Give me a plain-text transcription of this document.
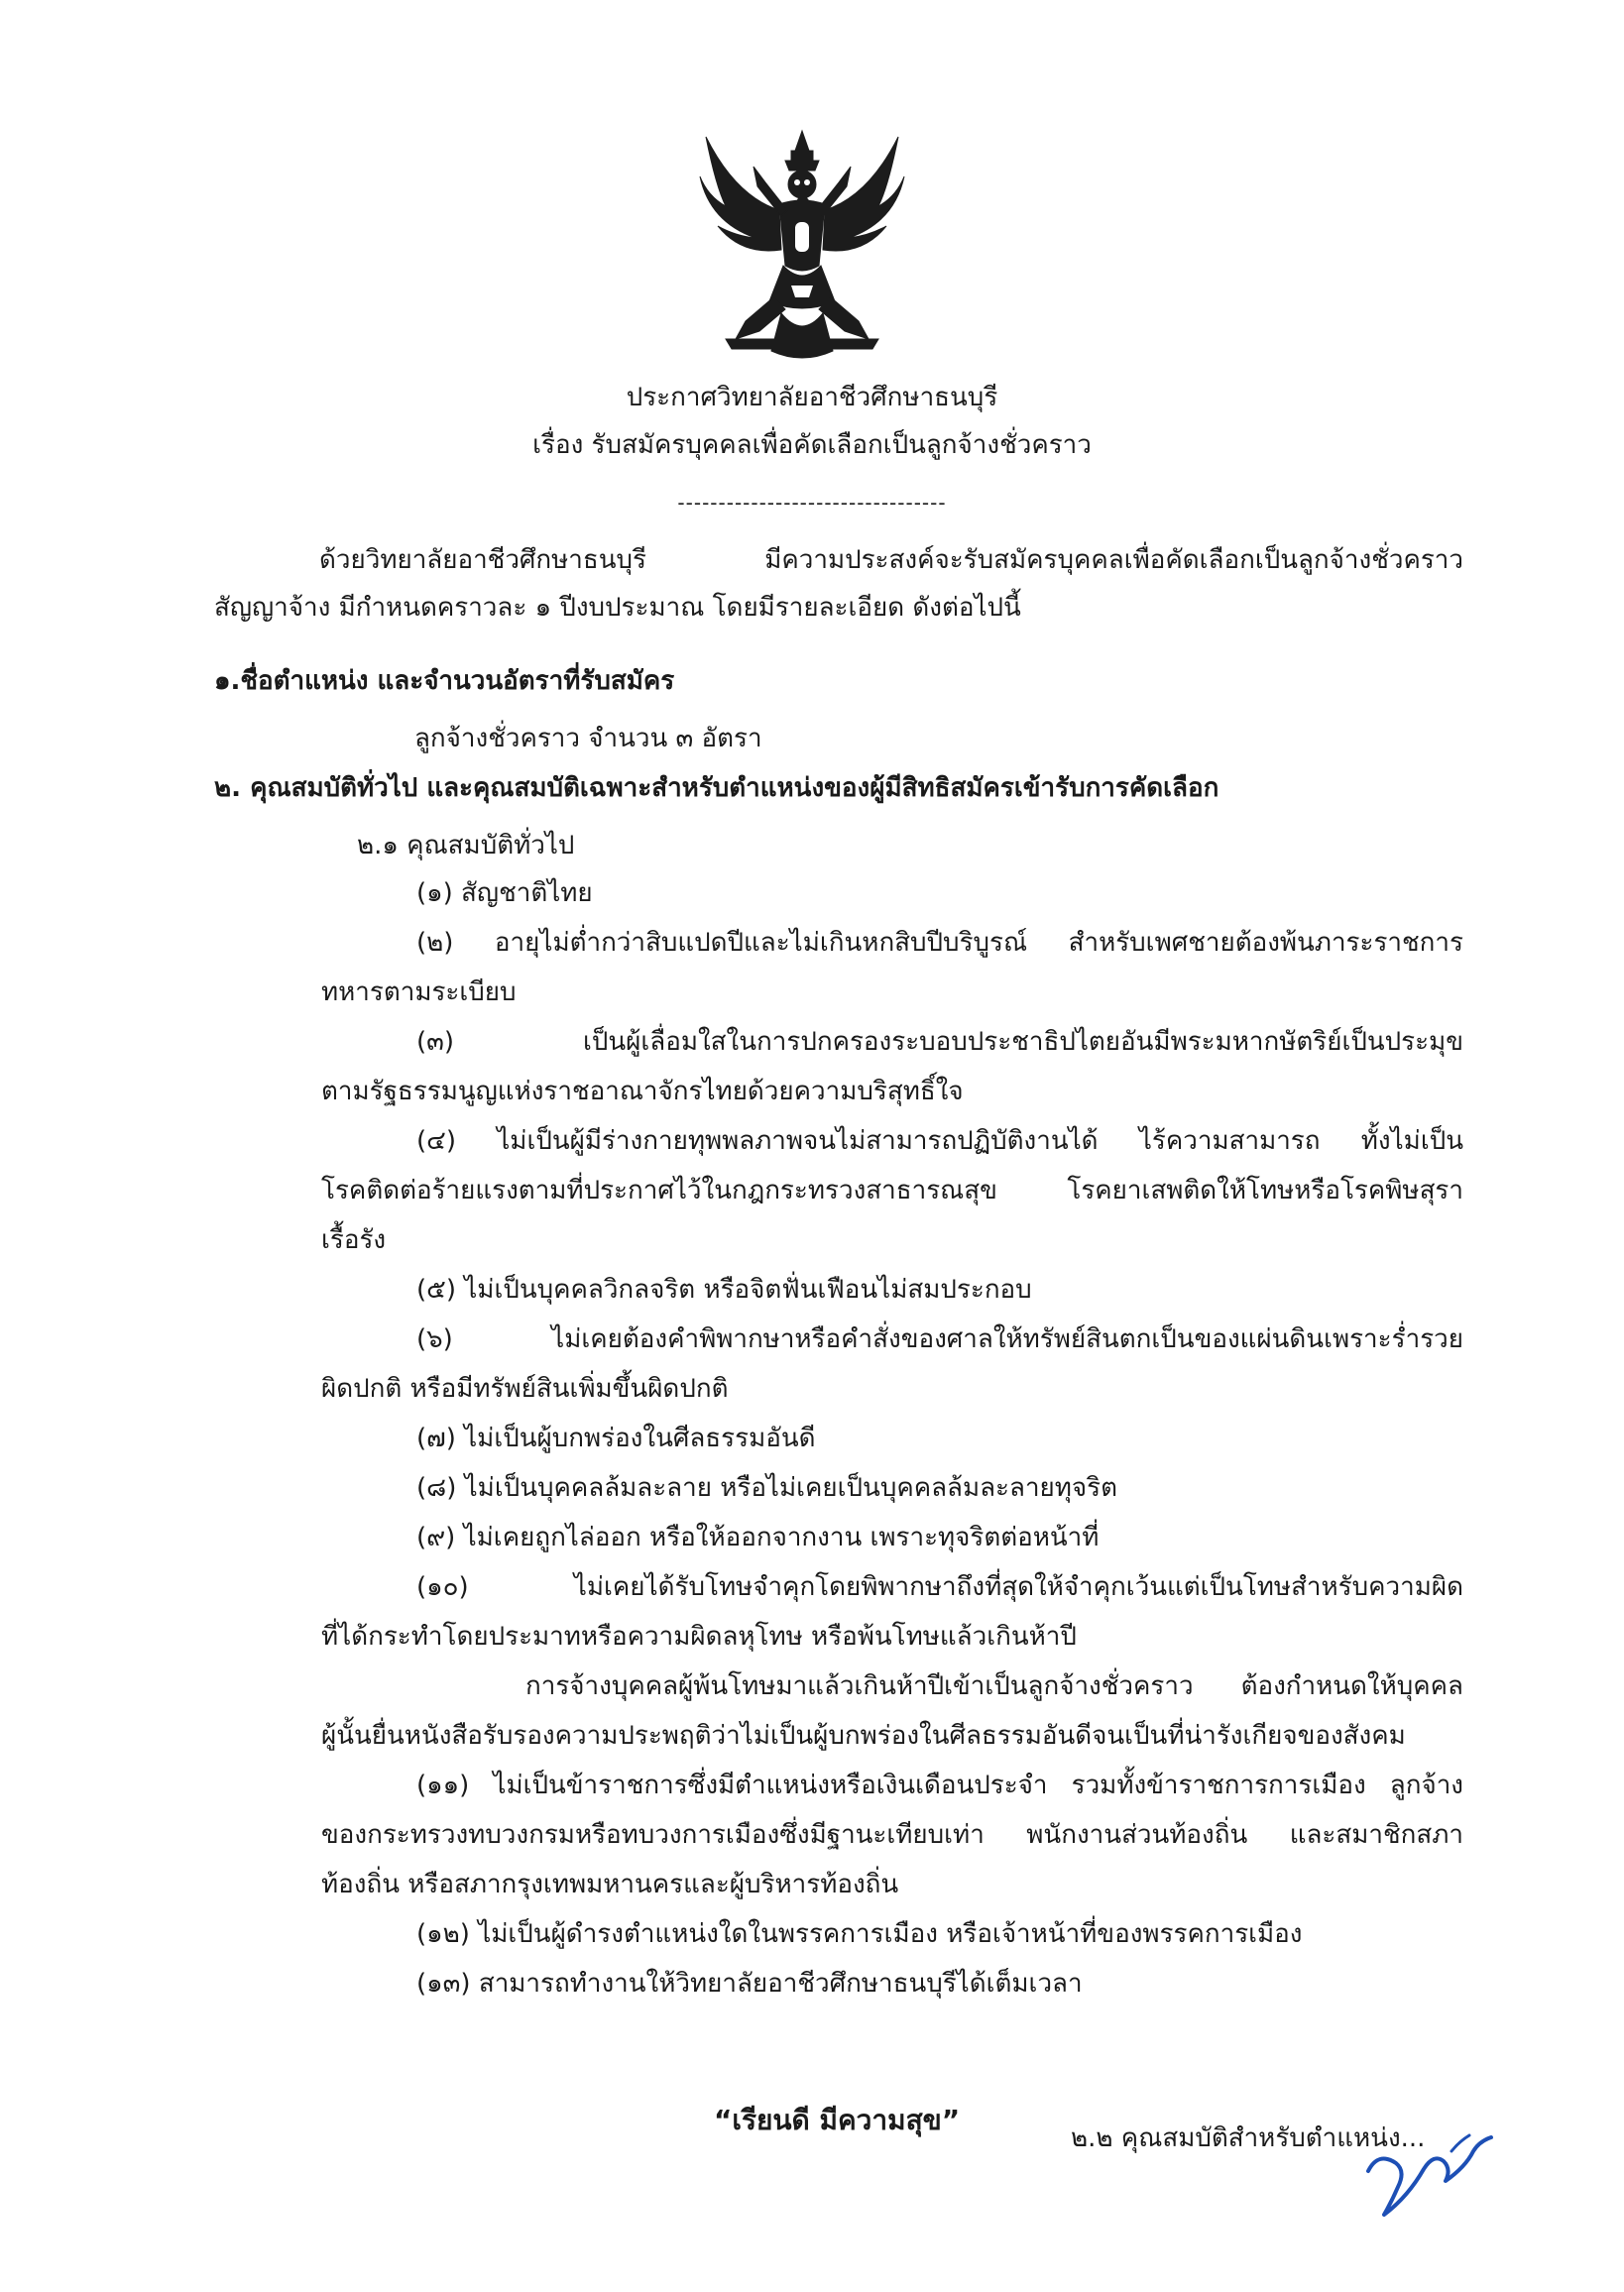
ประกาศวิทยาลัยอาชีวศึกษาธนบุรี
เรื่อง รับสมัครบุคคลเพื่อคัดเลือกเป็นลูกจ้างชั่วคราว
---------------------------------
ด้วยวิทยาลัยอาชีวศึกษาธนบุรี มีความประสงค์จะรับสมัครบุคคลเพื่อคัดเลือกเป็นลูกจ้างชั่วคราว
สัญญาจ้าง มีกำหนดคราวละ ๑ ปีงบประมาณ โดยมีรายละเอียด ดังต่อไปนี้
๑.ชื่อตำแหน่ง และจำนวนอัตราที่รับสมัคร
ลูกจ้างชั่วคราว จำนวน ๓ อัตรา
๒. คุณสมบัติทั่วไป และคุณสมบัติเฉพาะสำหรับตำแหน่งของผู้มีสิทธิสมัครเข้ารับการคัดเลือก
๒.๑ คุณสมบัติทั่วไป
(๑) สัญชาติไทย
(๒) อายุไม่ต่ำกว่าสิบแปดปีและไม่เกินหกสิบปีบริบูรณ์ สำหรับเพศชายต้องพ้นภาระราชการ
ทหารตามระเบียบ
(๓) เป็นผู้เลื่อมใสในการปกครองระบอบประชาธิปไตยอันมีพระมหากษัตริย์เป็นประมุข
ตามรัฐธรรมนูญแห่งราชอาณาจักรไทยด้วยความบริสุทธิ์ใจ
(๔) ไม่เป็นผู้มีร่างกายทุพพลภาพจนไม่สามารถปฏิบัติงานได้ ไร้ความสามารถ ทั้งไม่เป็น
โรคติดต่อร้ายแรงตามที่ประกาศไว้ในกฎกระทรวงสาธารณสุข โรคยาเสพติดให้โทษหรือโรคพิษสุรา
เรื้อรัง
(๕) ไม่เป็นบุคคลวิกลจริต หรือจิตฟั่นเฟือนไม่สมประกอบ
(๖) ไม่เคยต้องคำพิพากษาหรือคำสั่งของศาลให้ทรัพย์สินตกเป็นของแผ่นดินเพราะร่ำรวย
ผิดปกติ หรือมีทรัพย์สินเพิ่มขึ้นผิดปกติ
(๗) ไม่เป็นผู้บกพร่องในศีลธรรมอันดี
(๘) ไม่เป็นบุคคลล้มละลาย หรือไม่เคยเป็นบุคคลล้มละลายทุจริต
(๙) ไม่เคยถูกไล่ออก หรือให้ออกจากงาน เพราะทุจริตต่อหน้าที่
(๑๐) ไม่เคยได้รับโทษจำคุกโดยพิพากษาถึงที่สุดให้จำคุกเว้นแต่เป็นโทษสำหรับความผิด
ที่ได้กระทำโดยประมาทหรือความผิดลหุโทษ หรือพ้นโทษแล้วเกินห้าปี
การจ้างบุคคลผู้พ้นโทษมาแล้วเกินห้าปีเข้าเป็นลูกจ้างชั่วคราว ต้องกำหนดให้บุคคล
ผู้นั้นยื่นหนังสือรับรองความประพฤติว่าไม่เป็นผู้บกพร่องในศีลธรรมอันดีจนเป็นที่น่ารังเกียจของสังคม
(๑๑) ไม่เป็นข้าราชการซึ่งมีตำแหน่งหรือเงินเดือนประจำ รวมทั้งข้าราชการการเมือง ลูกจ้าง
ของกระทรวงทบวงกรมหรือทบวงการเมืองซึ่งมีฐานะเทียบเท่า พนักงานส่วนท้องถิ่น และสมาชิกสภา
ท้องถิ่น หรือสภากรุงเทพมหานครและผู้บริหารท้องถิ่น
(๑๒) ไม่เป็นผู้ดำรงตำแหน่งใดในพรรคการเมือง หรือเจ้าหน้าที่ของพรรคการเมือง
(๑๓) สามารถทำงานให้วิทยาลัยอาชีวศึกษาธนบุรีได้เต็มเวลา
“เรียนดี มีความสุข”
๒.๒ คุณสมบัติสำหรับตำแหน่ง...
